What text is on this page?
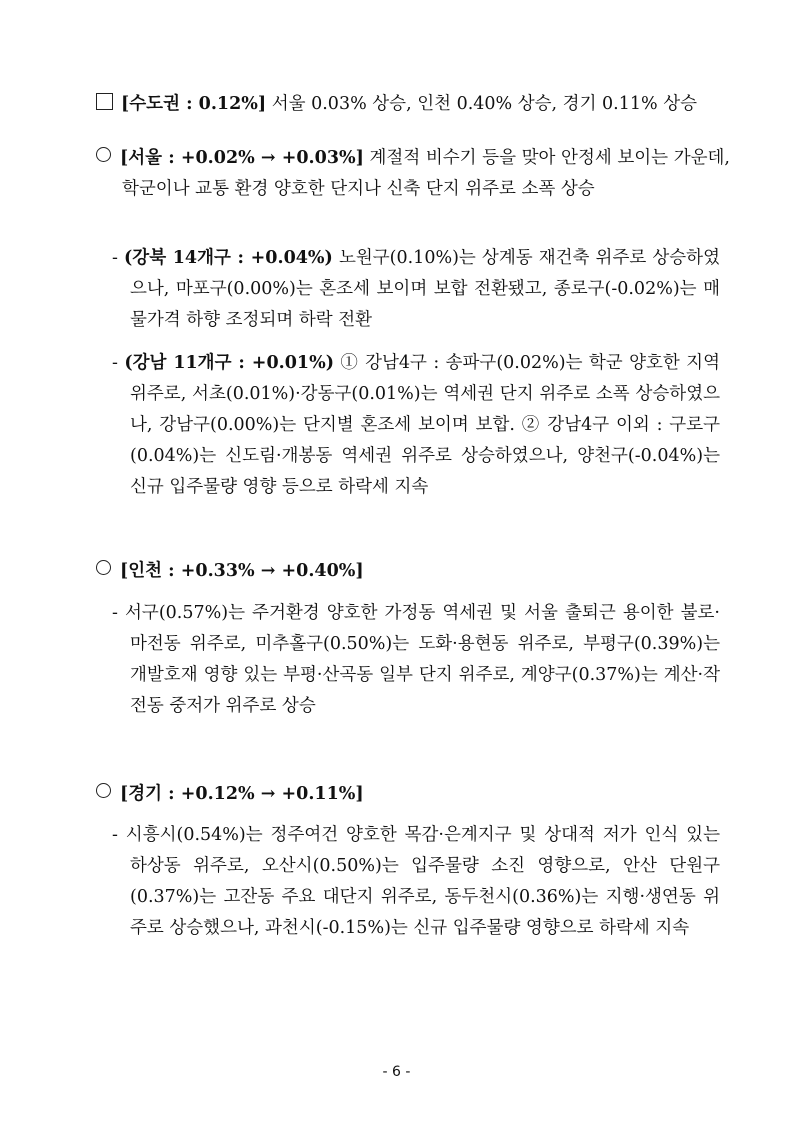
[수도권 : 0.12%] 서울 0.03% 상승, 인천 0.40% 상승, 경기 0.11% 상승
[서울 : +0.02% → +0.03%] 계절적 비수기 등을 맞아 안정세 보이는 가운데, 학군이나 교통 환경 양호한 단지나 신축 단지 위주로 소폭 상승
- (강북 14개구 : +0.04%) 노원구(0.10%)는 상계동 재건축 위주로 상승하였으나, 마포구(0.00%)는 혼조세 보이며 보합 전환됐고, 종로구(-0.02%)는 매물가격 하향 조정되며 하락 전환
- (강남 11개구 : +0.01%) ① 강남4구 : 송파구(0.02%)는 학군 양호한 지역 위주로, 서초(0.01%)·강동구(0.01%)는 역세권 단지 위주로 소폭 상승하였으나, 강남구(0.00%)는 단지별 혼조세 보이며 보합. ② 강남4구 이외 : 구로구(0.04%)는 신도림·개봉동 역세권 위주로 상승하였으나, 양천구(-0.04%)는 신규 입주물량 영향 등으로 하락세 지속
[인천 : +0.33% → +0.40%]
- 서구(0.57%)는 주거환경 양호한 가정동 역세권 및 서울 출퇴근 용이한 불로·마전동 위주로, 미추홀구(0.50%)는 도화·용현동 위주로, 부평구(0.39%)는 개발호재 영향 있는 부평·산곡동 일부 단지 위주로, 계양구(0.37%)는 계산·작전동 중저가 위주로 상승
[경기 : +0.12% → +0.11%]
- 시흥시(0.54%)는 정주여건 양호한 목감·은계지구 및 상대적 저가 인식 있는 하상동 위주로, 오산시(0.50%)는 입주물량 소진 영향으로, 안산 단원구(0.37%)는 고잔동 주요 대단지 위주로, 동두천시(0.36%)는 지행·생연동 위주로 상승했으나, 과천시(-0.15%)는 신규 입주물량 영향으로 하락세 지속
- 6 -
